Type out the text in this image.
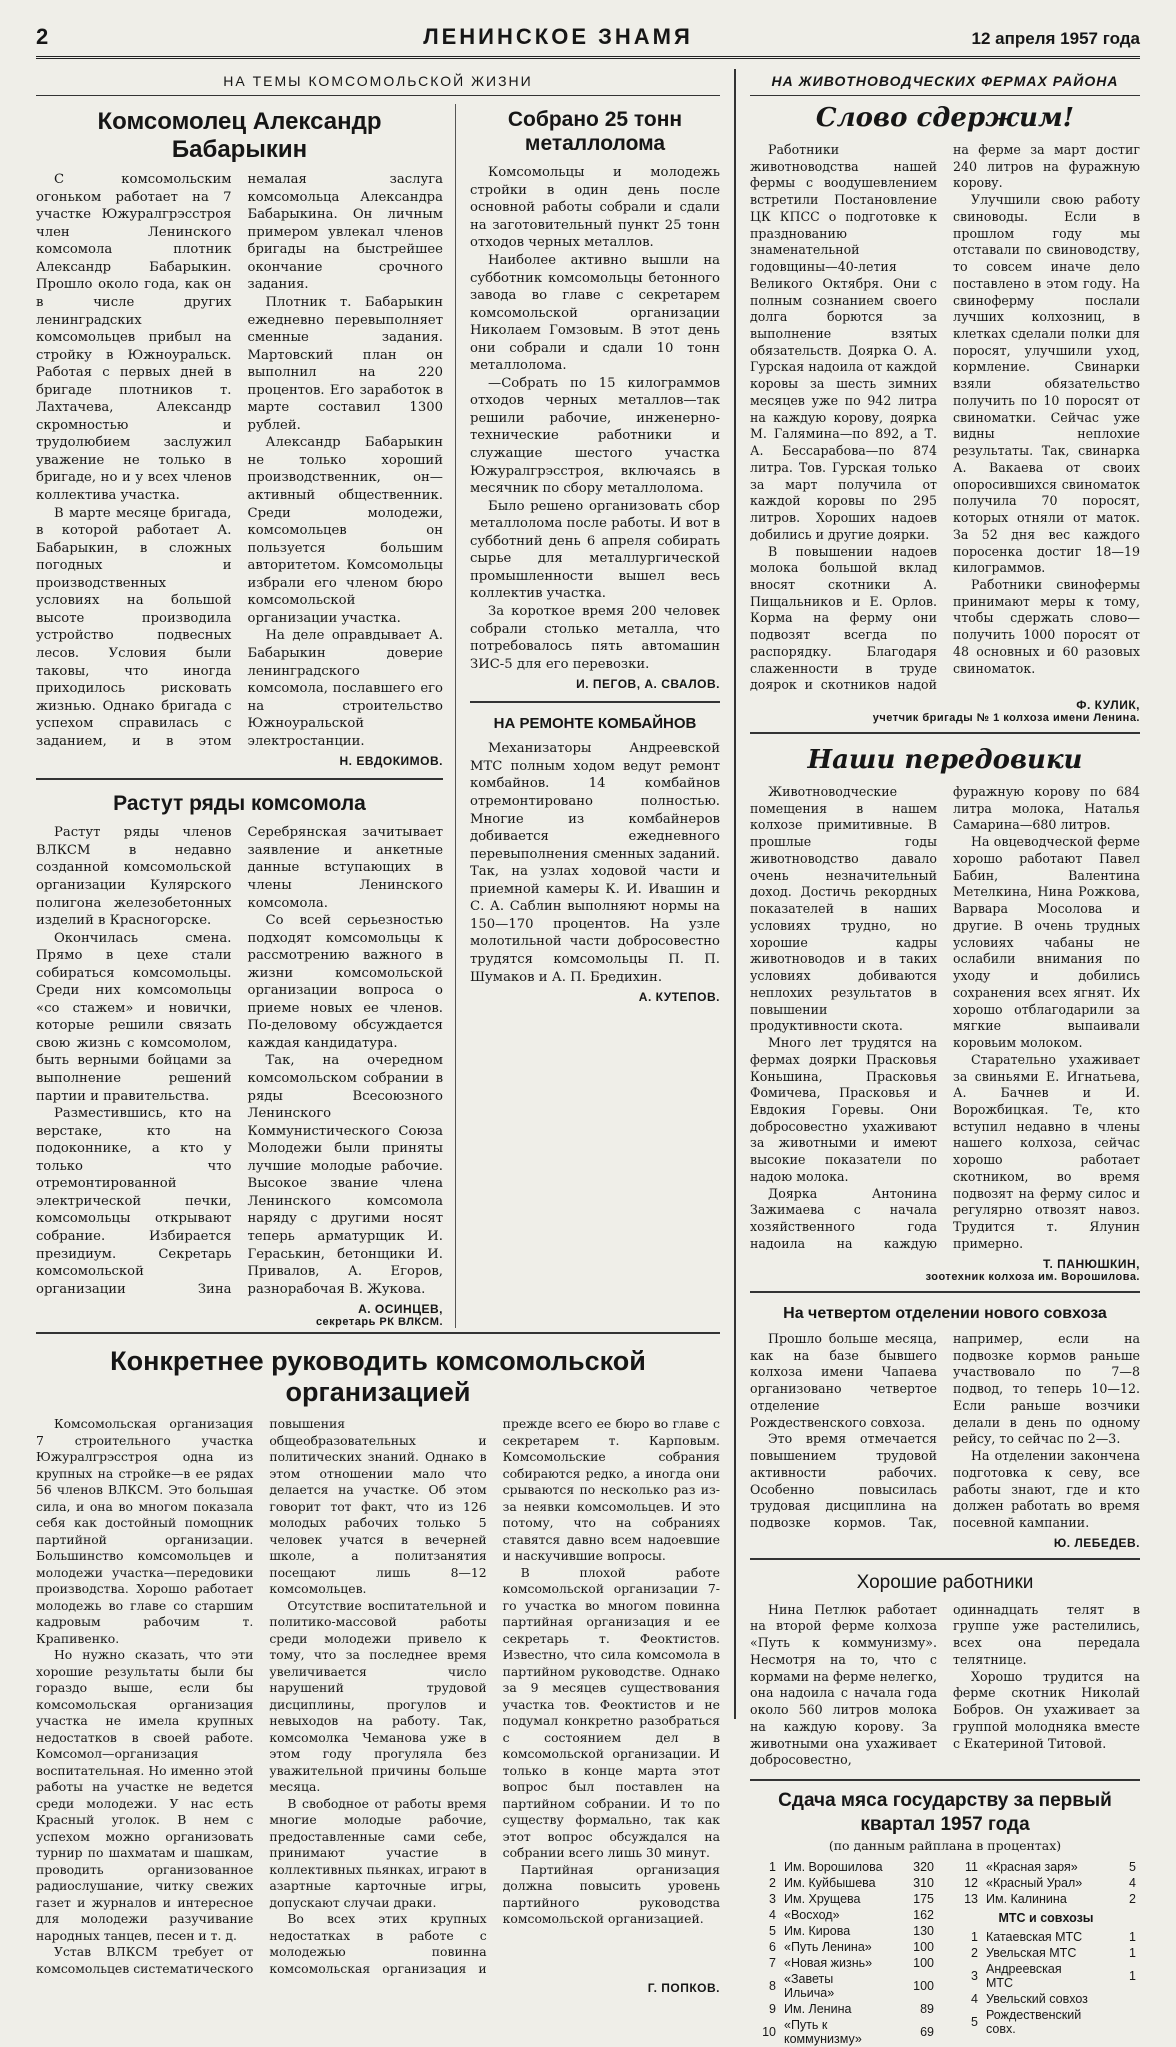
2	ЛЕНИНСКОЕ ЗНАМЯ	12 апреля 1957 года
НА ТЕМЫ КОМСОМОЛЬСКОЙ ЖИЗНИ
Комсомолец Александр Бабарыкин

С комсомольским огоньком работает на 7 участке Южуралгрэсстроя член Ленинского комсомола плотник Александр Бабарыкин. Прошло около года, как он в числе других ленинградских комсомольцев прибыл на стройку в Южноуральск. Работая с первых дней в бригаде плотников т. Лахтачева, Александр скромностью и трудолюбием заслужил уважение не только в бригаде, но и у всех членов коллектива участка.

В марте месяце бригада, в которой работает А. Бабарыкин, в сложных погодных и производственных условиях на большой высоте производила устройство подвесных лесов. Условия были таковы, что иногда приходилось рисковать жизнью. Однако бригада с успехом справилась с заданием, и в этом немалая заслуга комсомольца Александра Бабарыкина. Он личным примером увлекал членов бригады на быстрейшее окончание срочного задания.

Плотник т. Бабарыкин ежедневно перевыполняет сменные задания. Мартовский план он выполнил на 220 процентов. Его заработок в марте составил 1300 рублей.

Александр Бабарыкин не только хороший производственник, он—активный общественник. Среди молодежи, комсомольцев он пользуется большим авторитетом. Комсомольцы избрали его членом бюро комсомольской организации участка.

На деле оправдывает А. Бабарыкин доверие ленинградского комсомола, пославшего его на строительство Южноуральской электростанции.

Н. ЕВДОКИМОВ.
Растут ряды комсомола

Растут ряды членов ВЛКСМ в недавно созданной комсомольской организации Кулярского полигона железобетонных изделий в Красногорске.

Окончилась смена. Прямо в цехе стали собираться комсомольцы. Среди них комсомольцы «со стажем» и новички, которые решили связать свою жизнь с комсомолом, быть верными бойцами за выполнение решений партии и правительства.

Разместившись, кто на верстаке, кто на подоконнике, а кто у только что отремонтированной электрической печки, комсомольцы открывают собрание. Избирается президиум. Секретарь комсомольской организации Зина Серебрянская зачитывает заявление и анкетные данные вступающих в члены Ленинского комсомола.

Со всей серьезностью подходят комсомольцы к рассмотрению важного в жизни комсомольской организации вопроса о приеме новых ее членов. По-деловому обсуждается каждая кандидатура.

Так, на очередном комсомольском собрании в ряды Всесоюзного Ленинского Коммунистического Союза Молодежи были приняты лучшие молодые рабочие. Высокое звание члена Ленинского комсомола наряду с другими носят теперь арматурщик И. Гераськин, бетонщики И. Привалов, А. Егоров, разнорабочая В. Жукова.

А. ОСИНЦЕВ,
секретарь РК ВЛКСМ.
Собрано 25 тонн металлолома

Комсомольцы и молодежь стройки в один день после основной работы собрали и сдали на заготовительный пункт 25 тонн отходов черных металлов.

Наиболее активно вышли на субботник комсомольцы бетонного завода во главе с секретарем комсомольской организации Николаем Гомзовым. В этот день они собрали и сдали 10 тонн металлолома.

—Собрать по 15 килограммов отходов черных металлов—так решили рабочие, инженерно-технические работники и служащие шестого участка Южуралгрэсстроя, включаясь в месячник по сбору металлолома.

Было решено организовать сбор металлолома после работы. И вот в субботний день 6 апреля собирать сырье для металлургической промышленности вышел весь коллектив участка.

За короткое время 200 человек собрали столько металла, что потребовалось пять автомашин ЗИС-5 для его перевозки.

И. ПЕГОВ, А. СВАЛОВ.
НА РЕМОНТЕ КОМБАЙНОВ

Механизаторы Андреевской МТС полным ходом ведут ремонт комбайнов. 14 комбайнов отремонтировано полностью. Многие из комбайнеров добивается ежедневного перевыполнения сменных заданий. Так, на узлах ходовой части и приемной камеры К. И. Ивашин и С. А. Саблин выполняют нормы на 150—170 процентов. На узле молотильной части добросовестно трудятся комсомольцы П. П. Шумаков и А. П. Бредихин.

А. КУТЕПОВ.
Конкретнее руководить комсомольской организацией

Комсомольская организация 7 строительного участка Южуралгрэсстроя одна из крупных на стройке—в ее рядах 56 членов ВЛКСМ. Это большая сила, и она во многом показала себя как достойный помощник партийной организации. Большинство комсомольцев и молодежи участка—передовики производства. Хорошо работает молодежь во главе со старшим кадровым рабочим т. Крапивенко.

Но нужно сказать, что эти хорошие результаты были бы гораздо выше, если бы комсомольская организация участка не имела крупных недостатков в своей работе. Комсомол—организация воспитательная. Но именно этой работы на участке не ведется среди молодежи. У нас есть Красный уголок. В нем с успехом можно организовать турнир по шахматам и шашкам, проводить организованное радиослушание, читку свежих газет и журналов и интересное для молодежи разучивание народных танцев, песен и т. д.

Устав ВЛКСМ требует от комсомольцев систематического повышения общеобразовательных и политических знаний. Однако в этом отношении мало что делается на участке. Об этом говорит тот факт, что из 126 молодых рабочих только 5 человек учатся в вечерней школе, а политзанятия посещают лишь 8—12 комсомольцев.

Отсутствие воспитательной и политико-массовой работы среди молодежи привело к тому, что за последнее время увеличивается число нарушений трудовой дисциплины, прогулов и невыходов на работу. Так, комсомолка Чеманова уже в этом году прогуляла без уважительной причины больше месяца.

В свободное от работы время многие молодые рабочие, предоставленные сами себе, принимают участие в коллективных пьянках, играют в азартные карточные игры, допускают случаи драки.

Во всех этих крупных недостатках в работе с молодежью повинна комсомольская организация и прежде всего ее бюро во главе с секретарем т. Карповым. Комсомольские собрания собираются редко, а иногда они срываются по несколько раз из-за неявки комсомольцев. И это потому, что на собраниях ставятся давно всем надоевшие и наскучившие вопросы.

В плохой работе комсомольской организации 7-го участка во многом повинна партийная организация и ее секретарь т. Феоктистов. Известно, что сила комсомола в партийном руководстве. Однако за 9 месяцев существования участка тов. Феоктистов и не подумал конкретно разобраться с состоянием дел в комсомольской организации. И только в конце марта этот вопрос был поставлен на партийном собрании. И то по существу формально, так как этот вопрос обсуждался на собрании всего лишь 30 минут.

Партийная организация должна повысить уровень партийного руководства комсомольской организацией.

Г. ПОПКОВ.
НА ЖИВОТНОВОДЧЕСКИХ ФЕРМАХ РАЙОНА
Слово сдержим!

Работники животноводства нашей фермы с воодушевлением встретили Постановление ЦК КПСС о подготовке к празднованию знаменательной годовщины—40-летия Великого Октября. Они с полным сознанием своего долга борются за выполнение взятых обязательств. Доярка О. А. Гурская надоила от каждой коровы за шесть зимних месяцев уже по 942 литра на каждую корову, доярка М. Галямина—по 892, а Т. А. Бессарабова—по 874 литра. Тов. Гурская только за март получила от каждой коровы по 295 литров. Хороших надоев добились и другие доярки.

В повышении надоев молока большой вклад вносят скотники А. Пищальников и Е. Орлов. Корма на ферму они подвозят всегда по распорядку. Благодаря слаженности в труде доярок и скотников надой на ферме за март достиг 240 литров на фуражную корову.

Улучшили свою работу свиноводы. Если в прошлом году мы отставали по свиноводству, то совсем иначе дело поставлено в этом году. На свиноферму послали лучших колхозниц, в клетках сделали полки для поросят, улучшили уход, кормление. Свинарки взяли обязательство получить по 10 поросят от свиноматки. Сейчас уже видны неплохие результаты. Так, свинарка А. Вакаева от своих опоросившихся свиноматок получила 70 поросят, которых отняли от маток. За 52 дня вес каждого поросенка достиг 18—19 килограммов.

Работники свинофермы принимают меры к тому, чтобы сдержать слово—получить 1000 поросят от 48 основных и 60 разовых свиноматок.

Ф. КУЛИК,
учетчик бригады № 1 колхоза имени Ленина.
Наши передовики

Животноводческие помещения в нашем колхозе примитивные. В прошлые годы животноводство давало очень незначительный доход. Достичь рекордных показателей в наших условиях трудно, но хорошие кадры животноводов и в таких условиях добиваются неплохих результатов в повышении продуктивности скота.

Много лет трудятся на фермах доярки Прасковья Коньшина, Прасковья Фомичева, Прасковья и Евдокия Горевы. Они добросовестно ухаживают за животными и имеют высокие показатели по надою молока.

Доярка Антонина Зажимаева с начала хозяйственного года надоила на каждую фуражную корову по 684 литра молока, Наталья Самарина—680 литров.

На овцеводческой ферме хорошо работают Павел Бабин, Валентина Метелкина, Нина Рожкова, Варвара Мосолова и другие. В очень трудных условиях чабаны не ослабили внимания по уходу и добились сохранения всех ягнят. Их хорошо отблагодарили за мягкие выпаивали коровьим молоком.

Старательно ухаживает за свиньями Е. Игнатьева, А. Бачнев и И. Ворожбицкая. Те, кто вступил недавно в члены нашего колхоза, сейчас хорошо работает скотником, во время подвозят на ферму силос и регулярно отвозят навоз. Трудится т. Ялунин примерно.

Т. ПАНЮШКИН,
зоотехник колхоза им. Ворошилова.
На четвертом отделении нового совхоза

Прошло больше месяца, как на базе бывшего колхоза имени Чапаева организовано четвертое отделение Рождественского совхоза.

Это время отмечается повышением трудовой активности рабочих. Особенно повысилась трудовая дисциплина на подвозке кормов. Так, например, если на подвозке кормов раньше участвовало по 7—8 подвод, то теперь 10—12. Если раньше возчики делали в день по одному рейсу, то сейчас по 2—3.

На отделении закончена подготовка к севу, все работы знают, где и кто должен работать во время посевной кампании.

Ю. ЛЕБЕДЕВ.
Хорошие работники

Нина Петлюк работает на второй ферме колхоза «Путь к коммунизму». Несмотря на то, что с кормами на ферме нелегко, она надоила с начала года около 560 литров молока на каждую корову. За животными она ухаживает добросовестно, одиннадцать телят в группе уже растелились, всех она передала телятнице.

Хорошо трудится на ферме скотник Николай Бобров. Он ухаживает за группой молодняка вместе с Екатериной Титовой.

Сдача мяса государству за первый квартал 1957 года
(по данным райплана в процентах)
1	Им. Ворошилова	320
2	Им. Куйбышева	310
3	Им. Хрущева	175
4	«Восход»	162
5	Им. Кирова	130
6	«Путь Ленина»	100
7	«Новая жизнь»	100
8	«Заветы Ильича»	100
9	Им. Ленина	89
10	«Путь к коммунизму»	69
11	«Красная заря»	5
12	«Красный Урал»	4
13	Им. Калинина	2
МТС и совхозы
1	Катаевская МТС	1
2	Увельская МТС	1
3	Андреевская МТС	1
4	Увельский совхоз	
5	Рождественский совх.	
